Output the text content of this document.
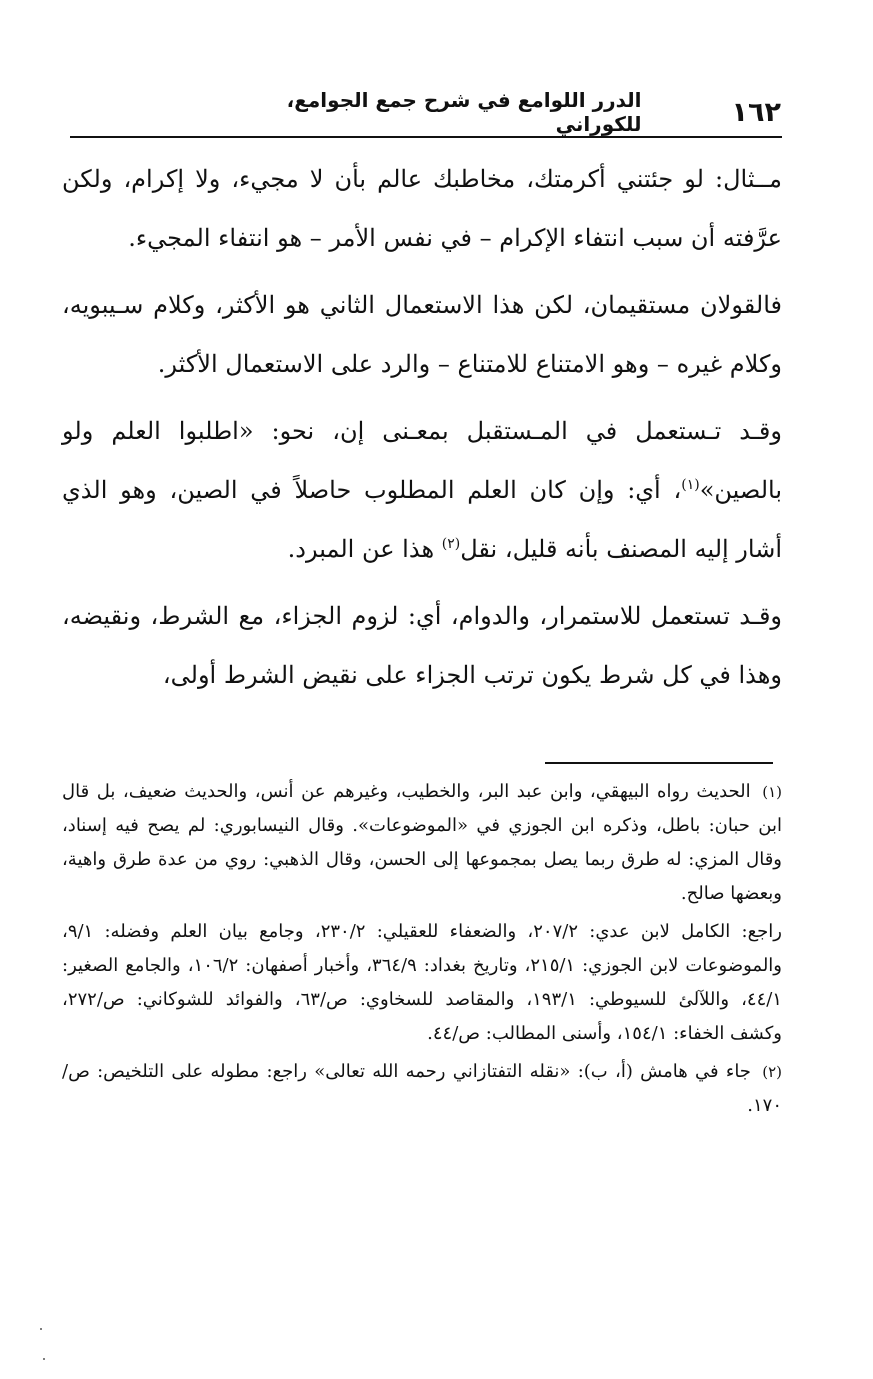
١٦٢
الدرر اللوامع في شرح جمع الجوامع، للكوراني

مــثال: لو جئتني أكرمتك، مخاطبك عالم بأن لا مجيء، ولا إكرام، ولكن عرَّفته أن سبب انتفاء الإكرام – في نفس الأمر – هو انتفاء المجيء.

فالقولان مستقيمان، لكن هذا الاستعمال الثاني هو الأكثر، وكلام سـيبويه، وكلام غيره – وهو الامتناع للامتناع – والرد على الاستعمال الأكثر.

وقـد تـستعمل في المـستقبل بمعـنى إن، نحو: «اطلبوا العلم ولو بالصين»$^{(١)}$، أي: وإن كان العلم المطلوب حاصلاً في الصين، وهو الذي أشار إليه المصنف بأنه قليل، نقل$^{(٢)}$ هذا عن المبرد.

وقـد تستعمل للاستمرار، والدوام، أي: لزوم الجزاء، مع الشرط، ونقيضه، وهذا في كل شرط يكون ترتب الجزاء على نقيض الشرط أولى،

(١) الحديث رواه البيهقي، وابن عبد البر، والخطيب، وغيرهم عن أنس، والحديث ضعيف، بل قال ابن حبان: باطل، وذكره ابن الجوزي في «الموضوعات». وقال النيسابوري: لم يصح فيه إسناد، وقال المزي: له طرق ربما يصل بمجموعها إلى الحسن، وقال الذهبي: روي من عدة طرق واهية، وبعضها صالح.

راجع: الكامل لابن عدي: ٢٠٧/٢، والضعفاء للعقيلي: ٢٣٠/٢، وجامع بيان العلم وفضله: ٩/١، والموضوعات لابن الجوزي: ٢١٥/١، وتاريخ بغداد: ٣٦٤/٩، وأخبار أصفهان: ١٠٦/٢، والجامع الصغير: ٤٤/١، واللآلئ للسيوطي: ١٩٣/١، والمقاصد للسخاوي: ص/٦٣، والفوائد للشوكاني: ص/٢٧٢، وكشف الخفاء: ١٥٤/١، وأسنى المطالب: ص/٤٤.

(٢) جاء في هامش (أ، ب): «نقله التفتازاني رحمه الله تعالى» راجع: مطوله على التلخيص: ص/١٧٠.
